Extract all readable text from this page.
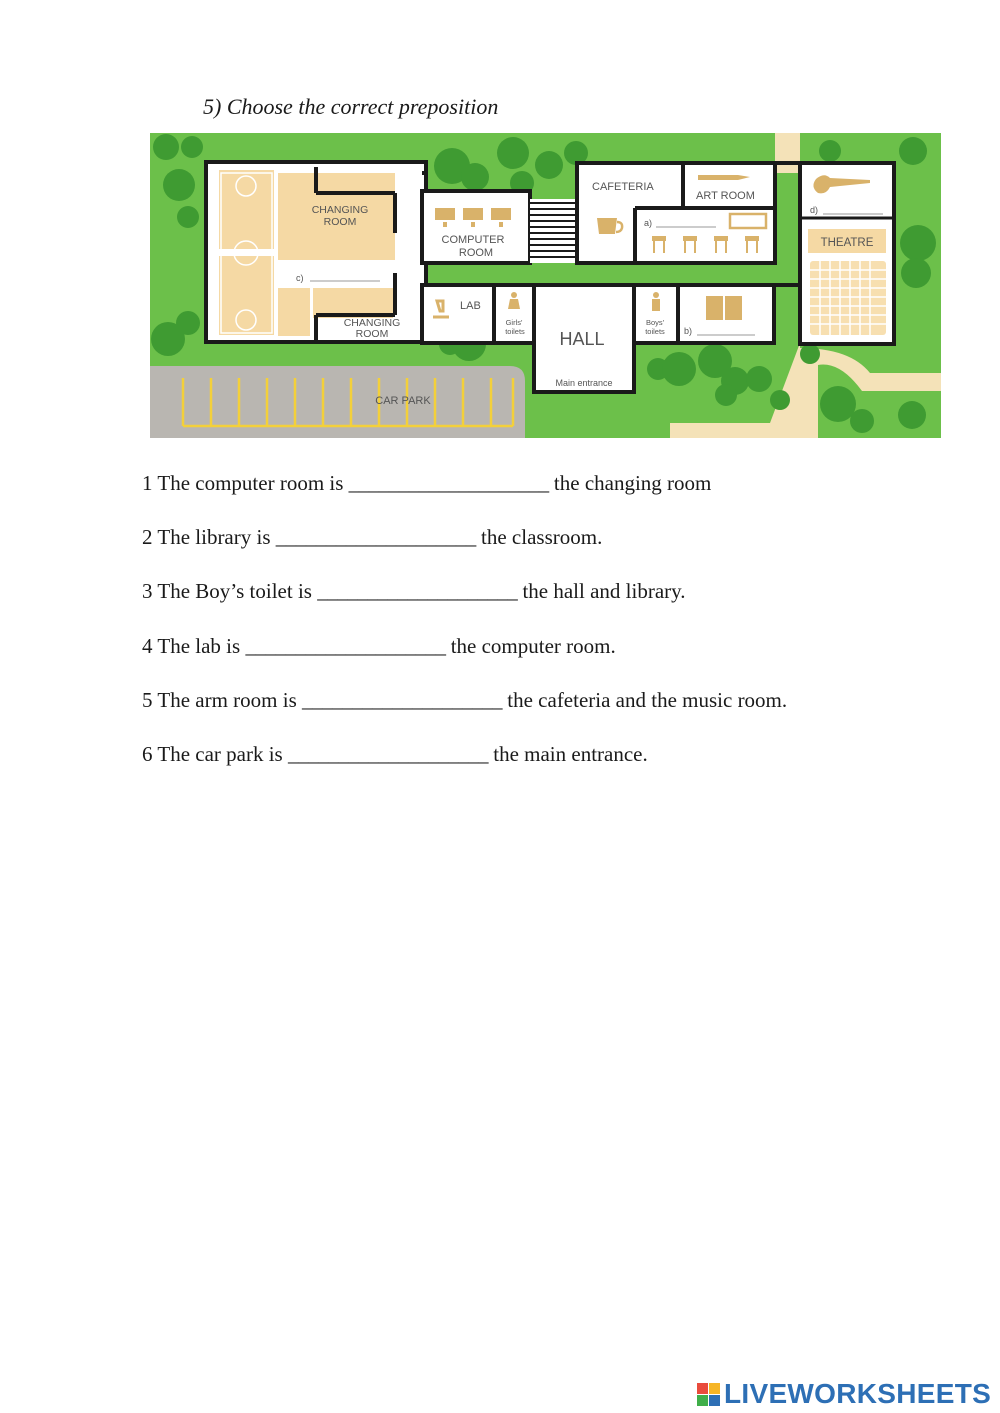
5) Choose the correct preposition
CHANGING
ROOM
CHANGING
ROOM
c)
COMPUTER
ROOM
LAB
Girls'
toilets HALL
Main entrance
Boys'
toilets b)
CAFETERIA
ART ROOM
a)
d)
THEATRE
CAR PARK
1 The computer room is ____________________ the changing room
2 The library is ____________________ the classroom.
3 The Boy’s toilet is ____________________ the hall and library.
4 The lab is ____________________ the computer room.
5 The arm room is ____________________ the cafeteria and the music room.
6 The car park is ____________________ the main entrance.
LIVEWORKSHEETS
